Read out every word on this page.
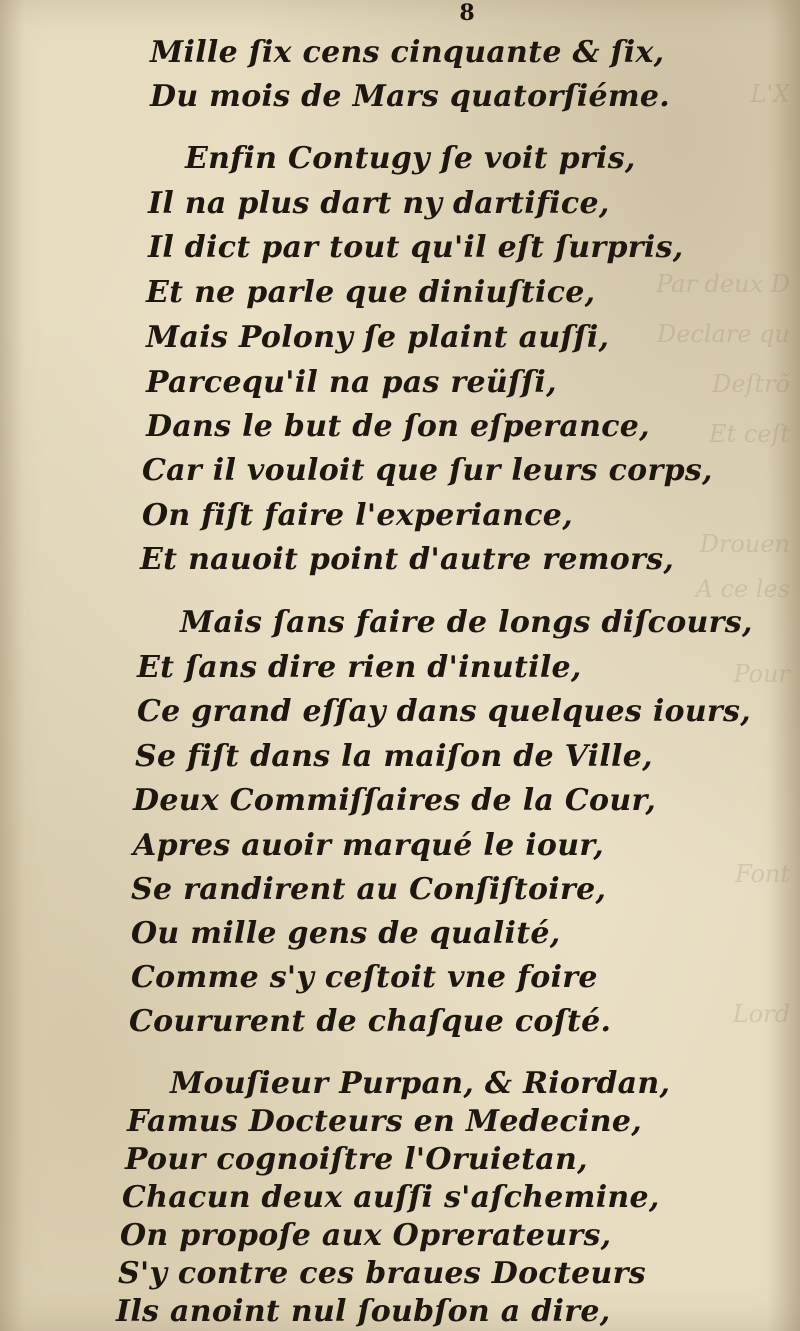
L'X
Par deux D
Declare qu
Deſtrõ
Et ceſt
Drouen
A ce les
Pour
Font
Lord
8
Mille ſix cens cinquante & ſix,
Du mois de Mars quatorſiéme.
Enfin Contugy ſe voit pris,
Il na plus dart ny dartifice,
Il dict par tout qu'il eſt ſurpris,
Et ne parle que diniuſtice,
Mais Polony ſe plaint auſſi,
Parcequ'il na pas reüſſi,
Dans le but de ſon eſperance,
Car il vouloit que ſur leurs corps,
On fiſt faire l'experiance,
Et nauoit point d'autre remors,
Mais ſans faire de longs diſcours,
Et ſans dire rien d'inutile,
Ce grand eſſay dans quelques iours,
Se fiſt dans la maiſon de Ville,
Deux Commiſſaires de la Cour,
Apres auoir marqué le iour,
Se randirent au Conſiſtoire,
Ou mille gens de qualité,
Comme s'y ceſtoit vne foire
Coururent de chaſque coſté.
Mouſieur Purpan, & Riordan,
Famus Docteurs en Medecine,
Pour cognoiſtre l'Oruietan,
Chacun deux auſſi s'aſchemine,
On propoſe aux Oprerateurs,
S'y contre ces braues Docteurs
Ils anoint nul ſoubſon a dire,
